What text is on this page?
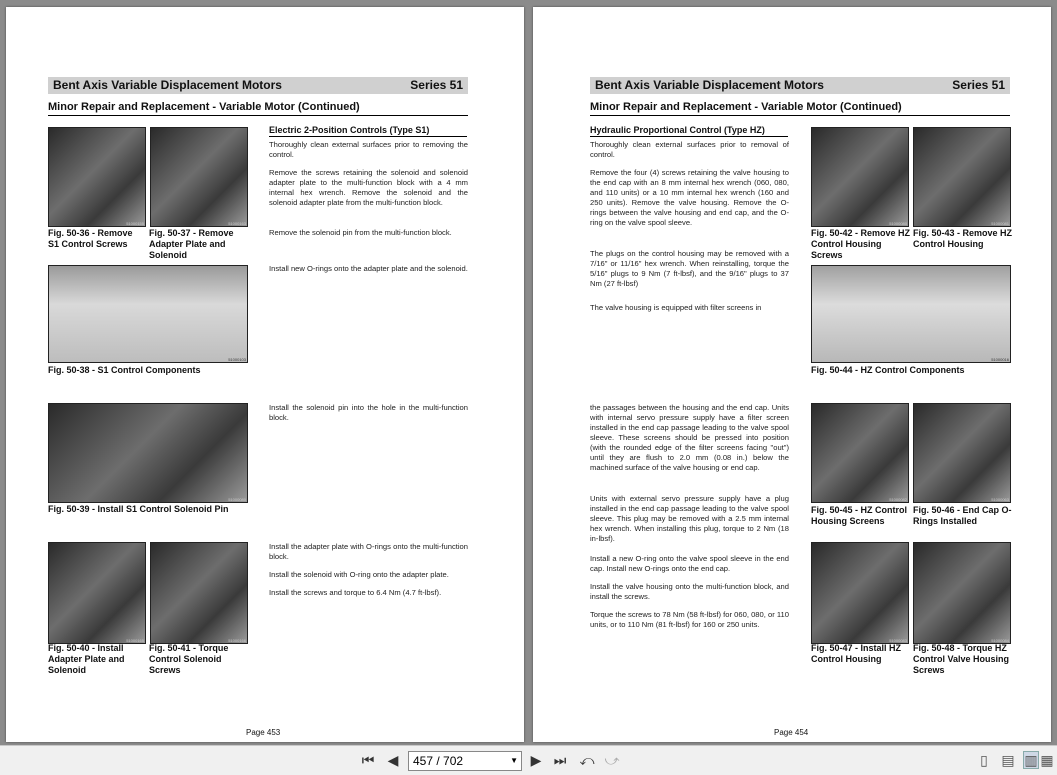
Bent Axis Variable Displacement Motors	Series 51
Minor Repair and Replacement - Variable Motor (Continued)
51000155	51000163
Fig. 50-36 - Remove S1 Control Screws
Fig. 50-37 - Remove Adapter Plate and Solenoid
51000103
Fig. 50-38 - S1 Control Components
51000080
Fig. 50-39 - Install S1 Control Solenoid Pin
51000165	51000166
Fig. 50-40 - Install Adapter Plate and Solenoid
Fig. 50-41 - Torque Control Solenoid Screws
Electric 2-Position Controls (Type S1)
Thoroughly clean external surfaces prior to removing the control.
Remove the screws retaining the solenoid and solenoid adapter plate to the multi-function block with a 4 mm internal hex wrench. Remove the solenoid and the solenoid adapter plate from the multi-function block.
Remove the solenoid pin from the multi-function block.
Install new O-rings onto the adapter plate and the solenoid.
Install the solenoid pin into the hole in the multi-function block.
Install the adapter plate with O-rings onto the multi-function block.
Install the solenoid with O-ring onto the adapter plate.
Install the screws and torque to 6.4 Nm (4.7 ft-lbsf).
Page 453
Bent Axis Variable Displacement Motors	Series 51
Minor Repair and Replacement - Variable Motor (Continued)
Hydraulic Proportional Control (Type HZ)
Thoroughly clean external surfaces prior to removal of control.
Remove the four (4) screws retaining the valve housing to the end cap with an 8 mm internal hex wrench (060, 080, and 110 units) or a 10 mm internal hex wrench (160 and 250 units). Remove the valve housing. Remove the O-rings between the valve housing and end cap, and the O-ring on the valve spool sleeve.
The plugs on the control housing may be removed with a 7/16" or 11/16" hex wrench. When reinstalling, torque the 5/16" plugs to 9 Nm (7 ft-lbsf), and the 9/16" plugs to 37 Nm (27 ft-lbsf)
The valve housing is equipped with filter screens in
the passages between the housing and the end cap. Units with internal servo pressure supply have a filter screen installed in the end cap passage leading to the valve spool sleeve. These screens should be pressed into position (with the rounded edge of the filter screens facing "out") until they are flush to 2.0 mm (0.08 in.) below the machined surface of the valve housing or end cap.
Units with external servo pressure supply have a plug installed in the end cap passage leading to the valve spool sleeve. This plug may be removed with a 2.5 mm internal hex wrench. When installing this plug, torque to 2 Nm (18 in-lbsf).
Install a new O-ring onto the valve spool sleeve in the end cap. Install new O-rings onto the end cap.
Install the valve housing onto the multi-function block, and install the screws.
Torque the screws to 78 Nm (58 ft-lbsf) for 060, 080, or 110 units, or to 110 Nm (81 ft-lbsf) for 160 or 250 units.
51000080	51000081
Fig. 50-42 - Remove HZ Control Housing Screws
Fig. 50-43 - Remove HZ Control Housing
51000016
Fig. 50-44 - HZ Control Components
51000082	51000063
Fig. 50-45 - HZ Control Housing Screens
Fig. 50-46 - End Cap O-Rings Installed
51000083	51000084
Fig. 50-47 - Install HZ Control Housing
Fig. 50-48 - Torque HZ Control Valve Housing Screws
Page 454
⏮ ◀	457 / 702	▼ ▶ ⏭ ⤺ ⤻	▯ ▤ ▥ ▦
